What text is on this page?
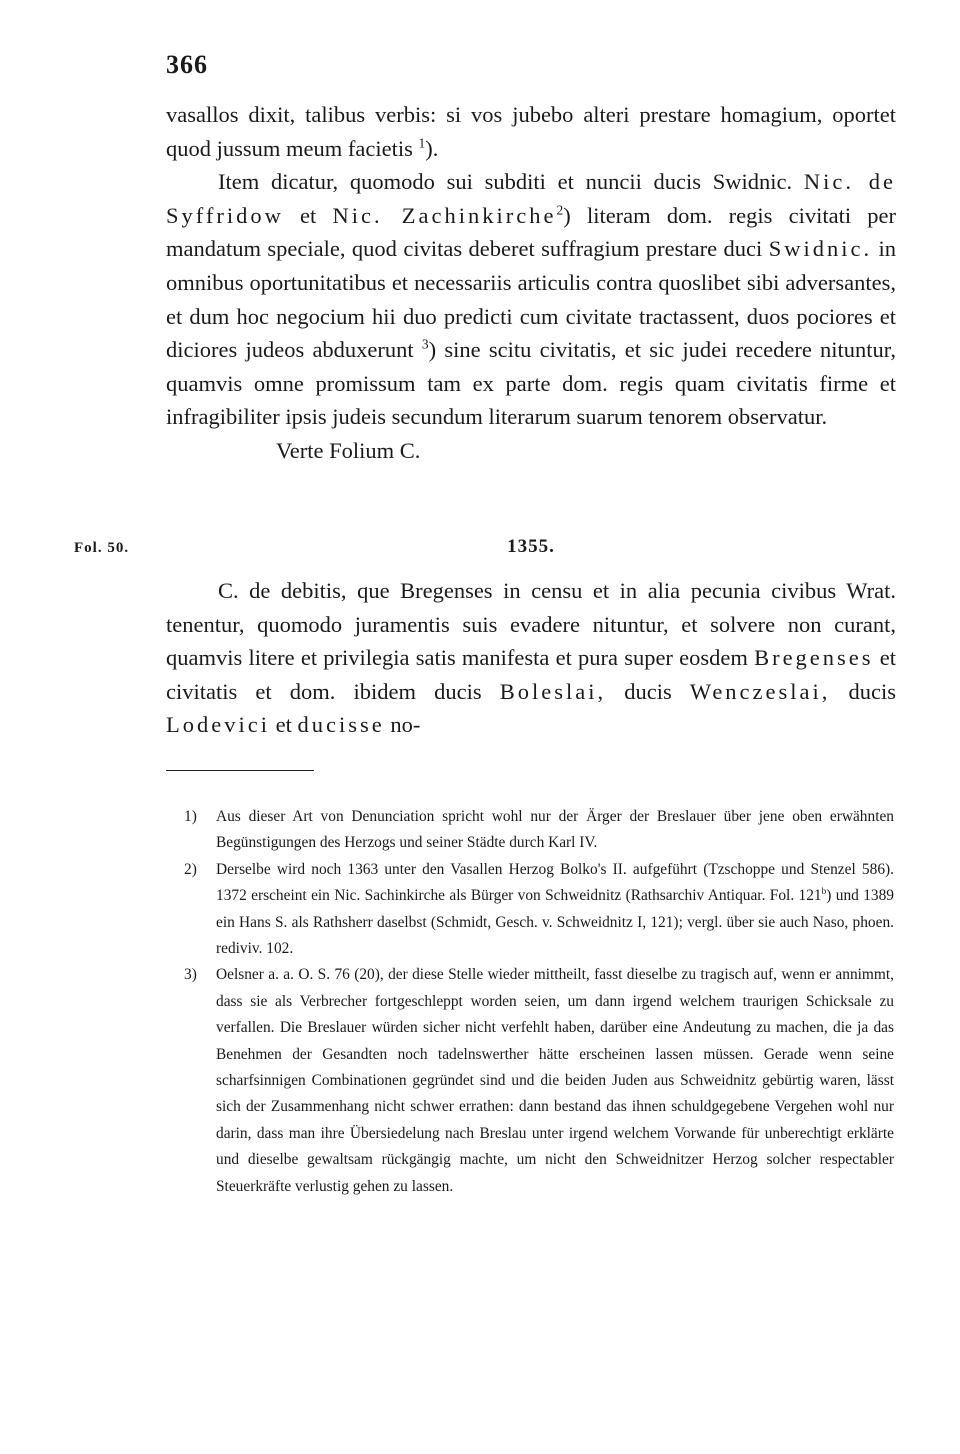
366

vasallos dixit, talibus verbis: si vos jubebo alteri prestare homagium, oportet quod jussum meum facietis $^1$).

Item dicatur, quomodo sui subditi et nuncii ducis Swidnic. Nic. de Syffridow et Nic. Zachinkirche$^2$) literam dom. regis civitati per mandatum speciale, quod civitas deberet suffragium prestare duci Swidnic. in omnibus oportunitatibus et necessariis articulis contra quoslibet sibi adversantes, et dum hoc negocium hii duo predicti cum civitate tractassent, duos pociores et diciores judeos abduxerunt $^3$) sine scitu civitatis, et sic judei recedere nituntur, quamvis omne promissum tam ex parte dom. regis quam civitatis firme et infragibiliter ipsis judeis secundum literarum suarum tenorem observatur.

Verte Folium C.

Fol. 50.	1355.

C. de debitis, que Bregenses in censu et in alia pecunia civibus Wrat. tenentur, quomodo juramentis suis evadere nituntur, et solvere non curant, quamvis litere et privilegia satis manifesta et pura super eosdem Bregenses et civitatis et dom. ibidem ducis Boleslai, ducis Wenczeslai, ducis Lodevici et ducisse no-

1) Aus dieser Art von Denunciation spricht wohl nur der Ärger der Breslauer über jene oben erwähnten Begünstigungen des Herzogs und seiner Städte durch Karl IV.

2) Derselbe wird noch 1363 unter den Vasallen Herzog Bolko's II. aufgeführt (Tzschoppe und Stenzel 586). 1372 erscheint ein Nic. Sachinkirche als Bürger von Schweidnitz (Rathsarchiv Antiquar. Fol. 121$^b$) und 1389 ein Hans S. als Rathsherr daselbst (Schmidt, Gesch. v. Schweidnitz I, 121); vergl. über sie auch Naso, phoen. rediviv. 102.

3) Oelsner a. a. O. S. 76 (20), der diese Stelle wieder mittheilt, fasst dieselbe zu tragisch auf, wenn er annimmt, dass sie als Verbrecher fortgeschleppt worden seien, um dann irgend welchem traurigen Schicksale zu verfallen. Die Breslauer würden sicher nicht verfehlt haben, darüber eine Andeutung zu machen, die ja das Benehmen der Gesandten noch tadelnswerther hätte erscheinen lassen müssen. Gerade wenn seine scharfsinnigen Combinationen gegründet sind und die beiden Juden aus Schweidnitz gebürtig waren, lässt sich der Zusammenhang nicht schwer errathen: dann bestand das ihnen schuldgegebene Vergehen wohl nur darin, dass man ihre Übersiedelung nach Breslau unter irgend welchem Vorwande für unberechtigt erklärte und dieselbe gewaltsam rückgängig machte, um nicht den Schweidnitzer Herzog solcher respectabler Steuerkräfte verlustig gehen zu lassen.
